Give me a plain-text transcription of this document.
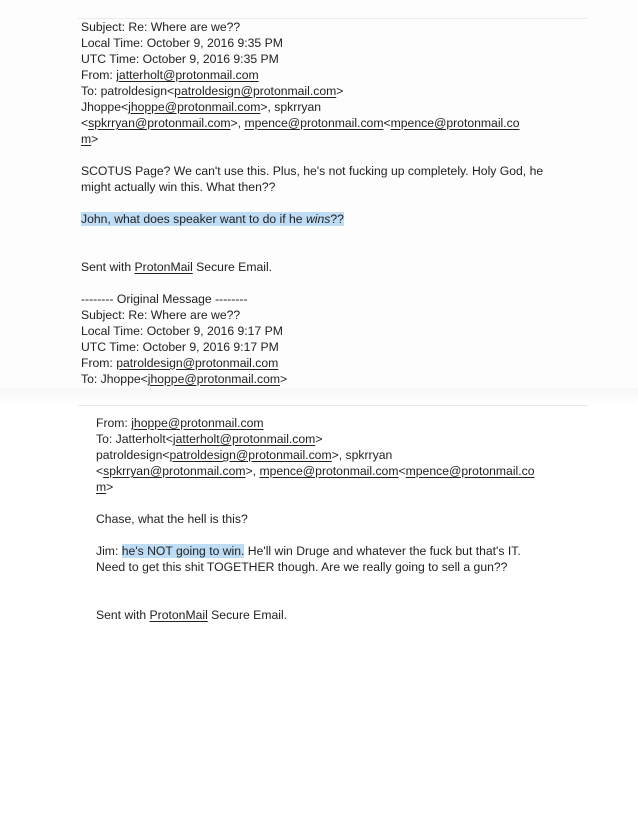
Subject: Re: Where are we??
Local Time: October 9, 2016 9:35 PM
UTC Time: October 9, 2016 9:35 PM
From: jatterholt@protonmail.com
To: patroldesign<patroldesign@protonmail.com>
Jhoppe<jhoppe@protonmail.com>, spkrryan
<spkrryan@protonmail.com>, mpence@protonmail.com<mpence@protonmail.co
m>
SCOTUS Page? We can't use this. Plus, he's not fucking up completely. Holy God, he
might actually win this. What then??
John, what does speaker want to do if he wins??
Sent with ProtonMail Secure Email.
-------- Original Message --------
Subject: Re: Where are we??
Local Time: October 9, 2016 9:17 PM
UTC Time: October 9, 2016 9:17 PM
From: patroldesign@protonmail.com
To: Jhoppe<jhoppe@protonmail.com>
From: jhoppe@protonmail.com
To: Jatterholt<jatterholt@protonmail.com>
patroldesign<patroldesign@protonmail.com>, spkrryan
<spkrryan@protonmail.com>, mpence@protonmail.com<mpence@protonmail.co
m>
Chase, what the hell is this?
Jim: he's NOT going to win. He'll win Druge and whatever the fuck but that's IT.
Need to get this shit TOGETHER though. Are we really going to sell a gun??
Sent with ProtonMail Secure Email.
